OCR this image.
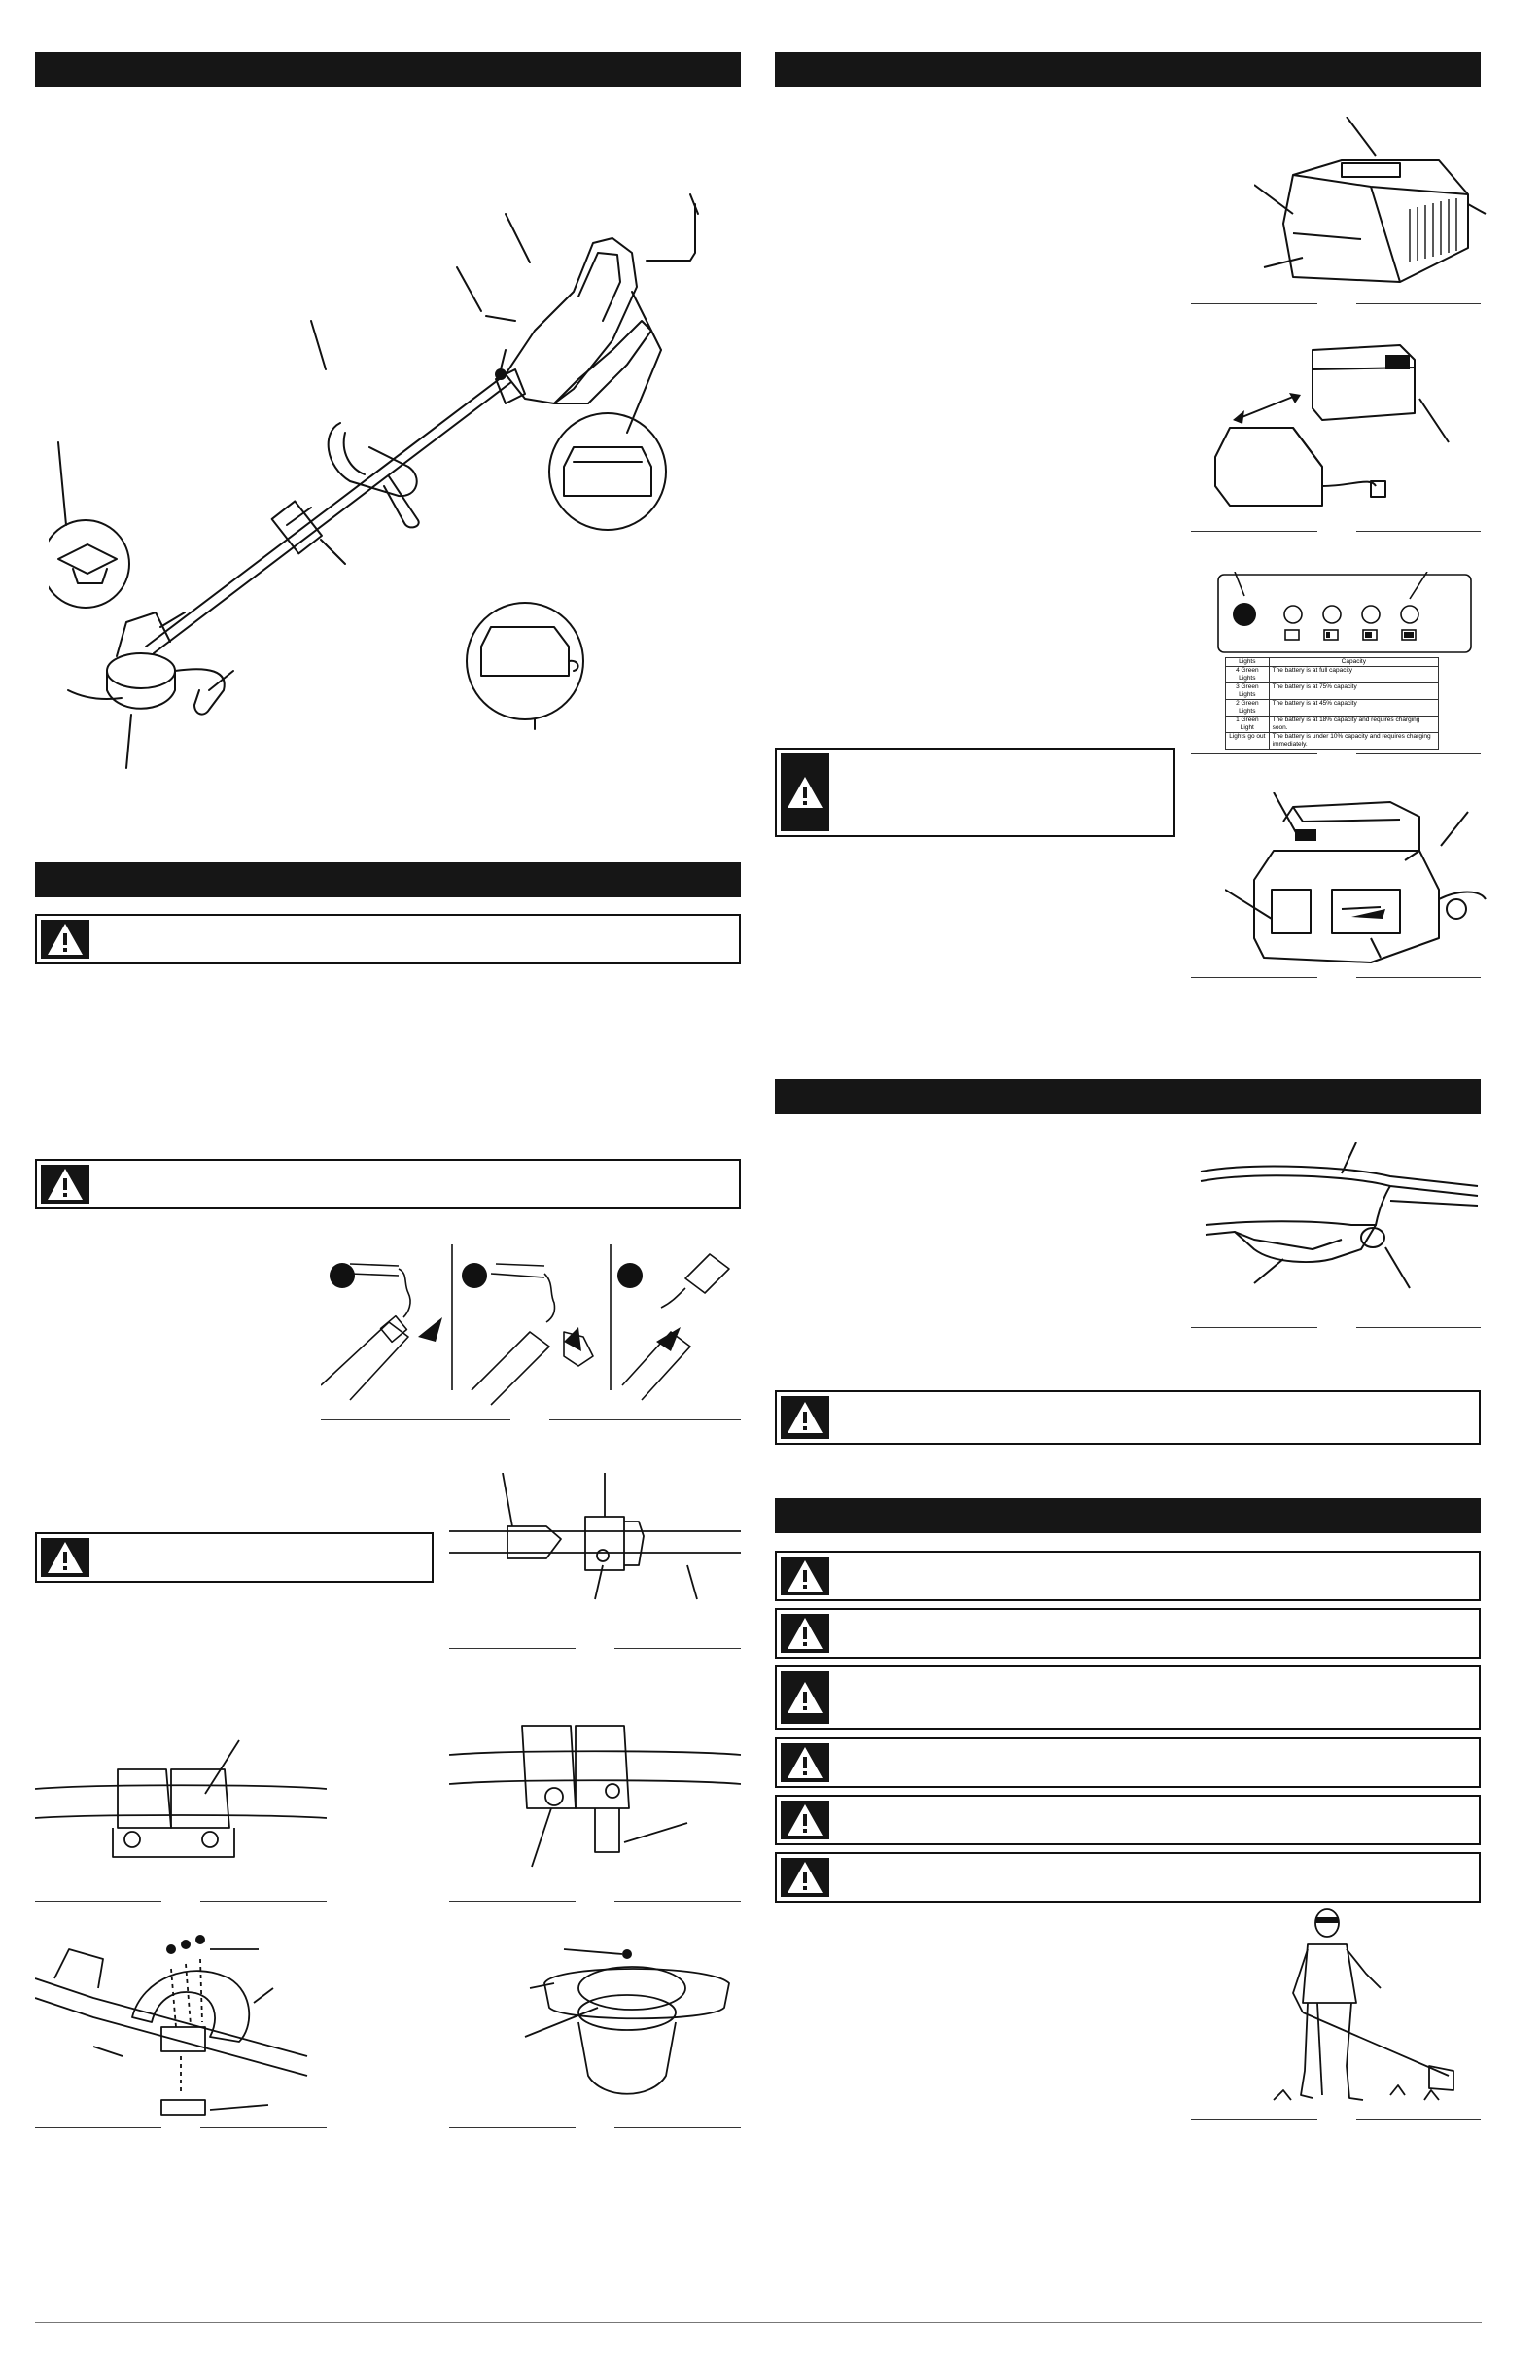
Lights	Capacity
4 Green Lights	The battery is at full capacity
3 Green Lights	The battery is at 75% capacity
2 Green Lights	The battery is at 45% capacity
1 Green Light	The battery is at 18% capacity and requires charging soon.
Lights go out	The battery is under 10% capacity and requires charging immediately.
